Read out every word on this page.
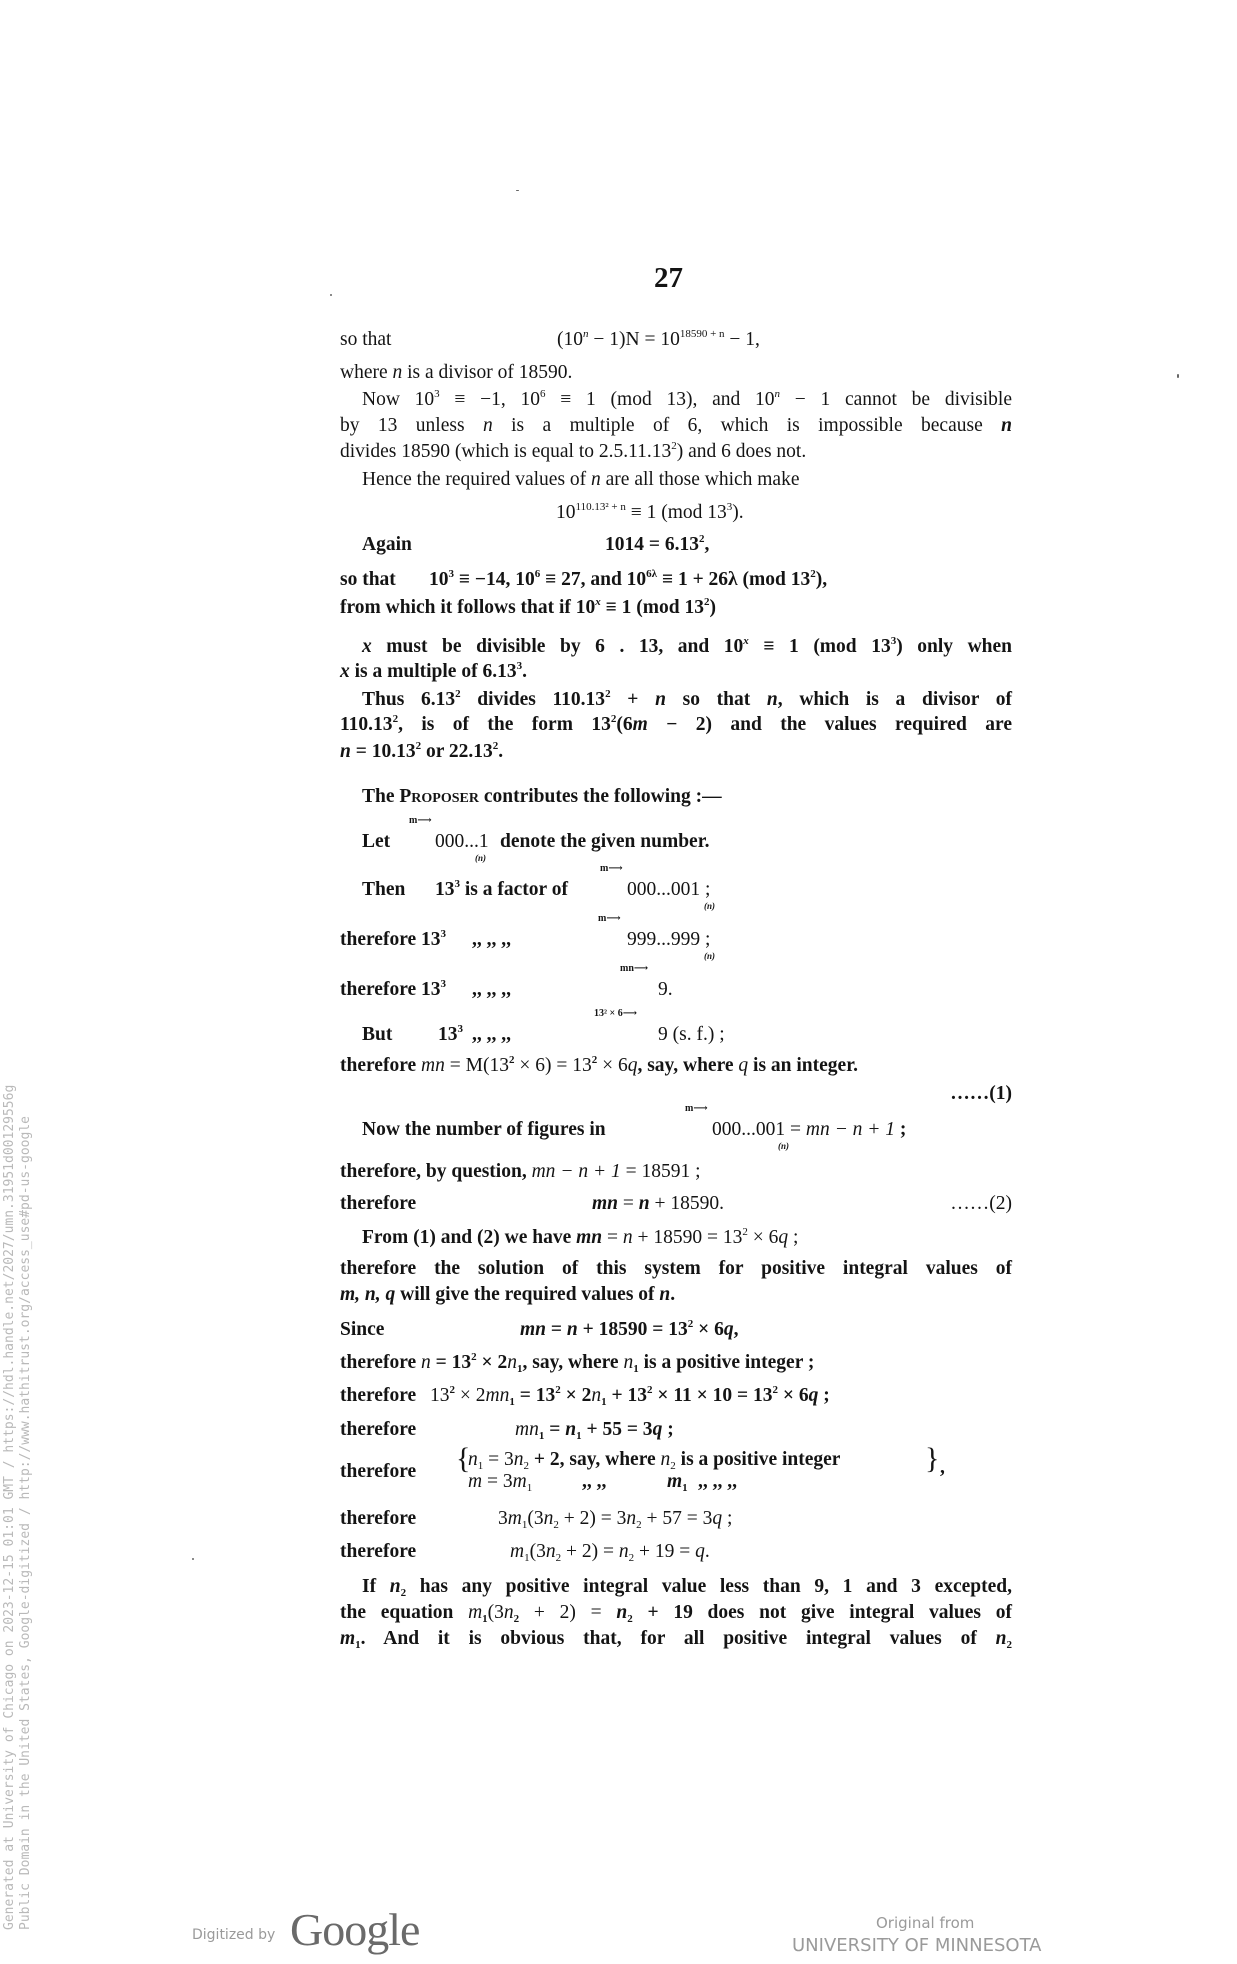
27
so that	$(10^n - 1)N = 10^{18590 + n} - 1$,
where n is a divisor of 18590.
Now $10^3 \equiv -1$, $10^6 \equiv 1$ (mod 13), and $10^n - 1$ cannot be divisible
by 13 unless n is a multiple of 6, which is impossible because n
divides 18590 (which is equal to 2.5.11.13$^2$) and 6 does not.
Hence the required values of n are all those which make
$10^{110.13^2 + n} \equiv 1$ (mod $13^3$).
Again	$1014 = 6.13^2$,
so that $10^3 \equiv -14$, $10^6 \equiv 27$, and $10^{6\lambda} \equiv 1 + 26\lambda$ (mod $13^2$),
from which it follows that if $10^x \equiv 1$ (mod $13^2$)
x must be divisible by 6 . 13, and $10^x \equiv 1$ (mod $13^3$) only when
x is a multiple of 6.13$^3$.
Thus 6.13$^2$ divides $110.13^2 + n$ so that n, which is a divisor of
110.13$^2$, is of the form $13^2(6m - 2)$ and the values required are
$n = 10.13^2$ or 22.13$^2$.
The Proposer contributes the following :—
Let
m⟶
000...1
(n)
denote the given number.
Then $13^3$ is a factor of
m⟶
000...001 ;
(n)
therefore $13^3$ ,, ,, ,,
m⟶
999...999 ;
(n)
therefore $13^3$ ,, ,, ,,
mn⟶
9.
But $13^3$ ,, ,, ,,
13² × 6⟶
9 (s. f.) ;
therefore mn = $M(13^2 \times 6) = 13^2 \times 6q$, say, where q is an integer.
……(1)
Now the number of figures in
m⟶
000...001 = mn − n + 1 ;
(n)
therefore, by question, mn − n + 1 = 18591 ;
therefore	mn = n + 18590.	……(2)
From (1) and (2) we have mn = $n + 18590 = 13^2 \times 6q$ ;
therefore the solution of this system for positive integral values of
m, n, q will give the required values of n.
Since	mn = $n + 18590 = 13^2 \times 6q$,
therefore $n = 13^2 \times 2n_1$, say, where $n_1$ is a positive integer ;
therefore $13^2 \times 2mn_1 = 13^2 \times 2n_1 + 13^2 \times 11 \times 10 = 13^2 \times 6q$ ;
therefore	$mn_1 = n_1 + 55 = 3q$ ;
therefore {
$n_1 = 3n_2 + 2$, say, where $n_2$ is a positive integer
$m = 3m_1$	,, ,,	$m_1$ ,, ,, ,,
} ,
therefore	$3m_1(3n_2 + 2) = 3n_2 + 57 = 3q$ ;
therefore	$m_1(3n_2 + 2) = n_2 + 19 = q$.
If $n_2$ has any positive integral value less than 9, 1 and 3 excepted,
the equation $m_1(3n_2 + 2) = n_2 + 19$ does not give integral values of
$m_1$. And it is obvious that, for all positive integral values of $n_2$
Generated at University of Chicago on 2023-12-15 01:01 GMT / https://hdl.handle.net/2027/umn.31951d00129556g Public Domain in the United States, Google-digitized / http://www.hathitrust.org/access_use#pd-us-google
Digitized by Google	Original from
UNIVERSITY OF MINNESOTA
